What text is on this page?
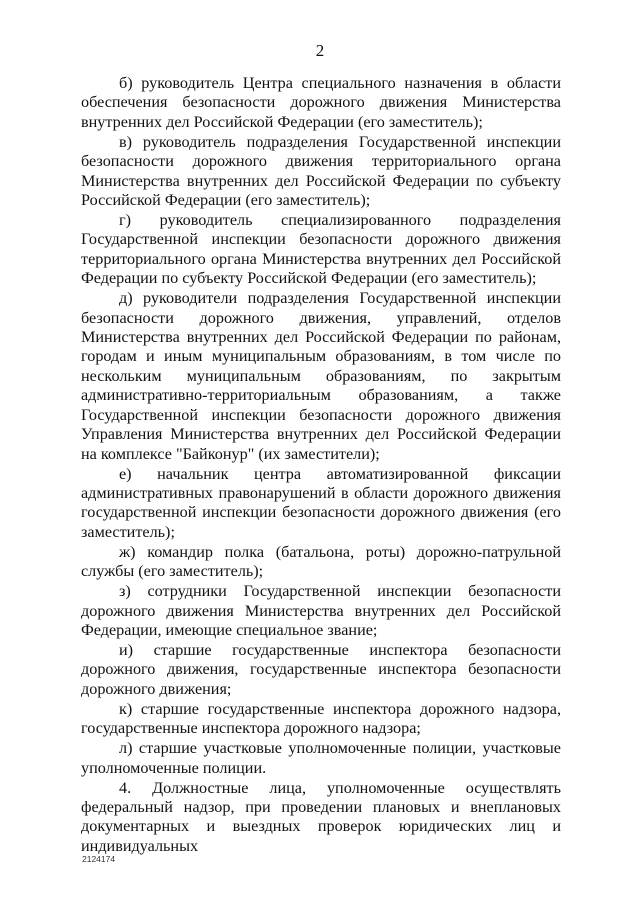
2

б) руководитель Центра специального назначения в области обеспечения безопасности дорожного движения Министерства внутренних дел Российской Федерации (его заместитель);

в) руководитель подразделения Государственной инспекции безопасности дорожного движения территориального органа Министерства внутренних дел Российской Федерации по субъекту Российской Федерации (его заместитель);

г) руководитель специализированного подразделения Государственной инспекции безопасности дорожного движения территориального органа Министерства внутренних дел Российской Федерации по субъекту Российской Федерации (его заместитель);

д) руководители подразделения Государственной инспекции безопасности дорожного движения, управлений, отделов Министерства внутренних дел Российской Федерации по районам, городам и иным муниципальным образованиям, в том числе по нескольким муниципальным образованиям, по закрытым административно-территориальным образованиям, а также Государственной инспекции безопасности дорожного движения Управления Министерства внутренних дел Российской Федерации на комплексе "Байконур" (их заместители);

е) начальник центра автоматизированной фиксации административных правонарушений в области дорожного движения государственной инспекции безопасности дорожного движения (его заместитель);

ж) командир полка (батальона, роты) дорожно-патрульной службы (его заместитель);

з) сотрудники Государственной инспекции безопасности дорожного движения Министерства внутренних дел Российской Федерации, имеющие специальное звание;

и) старшие государственные инспектора безопасности дорожного движения, государственные инспектора безопасности дорожного движения;

к) старшие государственные инспектора дорожного надзора, государственные инспектора дорожного надзора;

л) старшие участковые уполномоченные полиции, участковые уполномоченные полиции.

4. Должностные лица, уполномоченные осуществлять федеральный надзор, при проведении плановых и внеплановых документарных и выездных проверок юридических лиц и индивидуальных

2124174
